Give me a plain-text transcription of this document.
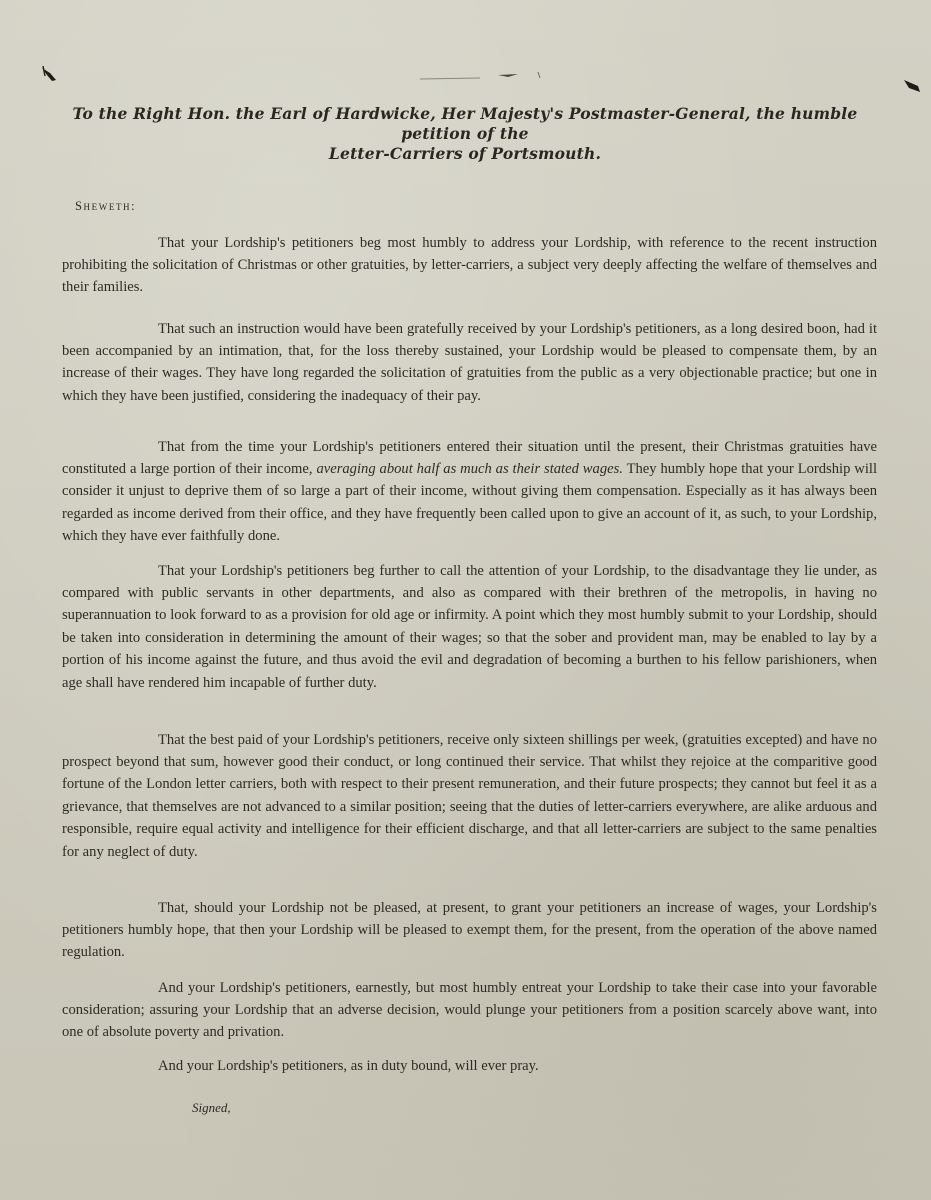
To the Right Hon. the Earl of Hardwicke, Her Majesty's Postmaster-General, the humble petition of the
Letter-Carriers of Portsmouth.
Sheweth:

That your Lordship's petitioners beg most humbly to address your Lordship, with reference to the recent instruction prohibiting the solicitation of Christmas or other gratuities, by letter-carriers, a subject very deeply affecting the welfare of themselves and their families.

That such an instruction would have been gratefully received by your Lordship's petitioners, as a long desired boon, had it been accompanied by an intimation, that, for the loss thereby sustained, your Lordship would be pleased to compensate them, by an increase of their wages. They have long regarded the solicitation of gratuities from the public as a very objectionable practice; but one in which they have been justified, considering the inadequacy of their pay.

That from the time your Lordship's petitioners entered their situation until the present, their Christmas gratuities have constituted a large portion of their income, averaging about half as much as their stated wages. They humbly hope that your Lordship will consider it unjust to deprive them of so large a part of their income, without giving them compensation. Especially as it has always been regarded as income derived from their office, and they have frequently been called upon to give an account of it, as such, to your Lordship, which they have ever faithfully done.

That your Lordship's petitioners beg further to call the attention of your Lordship, to the disadvantage they lie under, as compared with public servants in other departments, and also as compared with their brethren of the metropolis, in having no superannuation to look forward to as a provision for old age or infirmity. A point which they most humbly submit to your Lordship, should be taken into consideration in determining the amount of their wages; so that the sober and provident man, may be enabled to lay by a portion of his income against the future, and thus avoid the evil and degradation of becoming a burthen to his fellow parishioners, when age shall have rendered him incapable of further duty.

That the best paid of your Lordship's petitioners, receive only sixteen shillings per week, (gratuities excepted) and have no prospect beyond that sum, however good their conduct, or long continued their service. That whilst they rejoice at the comparitive good fortune of the London letter carriers, both with respect to their present remuneration, and their future prospects; they cannot but feel it as a grievance, that themselves are not advanced to a similar position; seeing that the duties of letter-carriers everywhere, are alike arduous and responsible, require equal activity and intelligence for their efficient discharge, and that all letter-carriers are subject to the same penalties for any neglect of duty.

That, should your Lordship not be pleased, at present, to grant your petitioners an increase of wages, your Lordship's petitioners humbly hope, that then your Lordship will be pleased to exempt them, for the present, from the operation of the above named regulation.

And your Lordship's petitioners, earnestly, but most humbly entreat your Lordship to take their case into your favorable consideration; assuring your Lordship that an adverse decision, would plunge your petitioners from a position scarcely above want, into one of absolute poverty and privation.

And your Lordship's petitioners, as in duty bound, will ever pray.

Signed,
